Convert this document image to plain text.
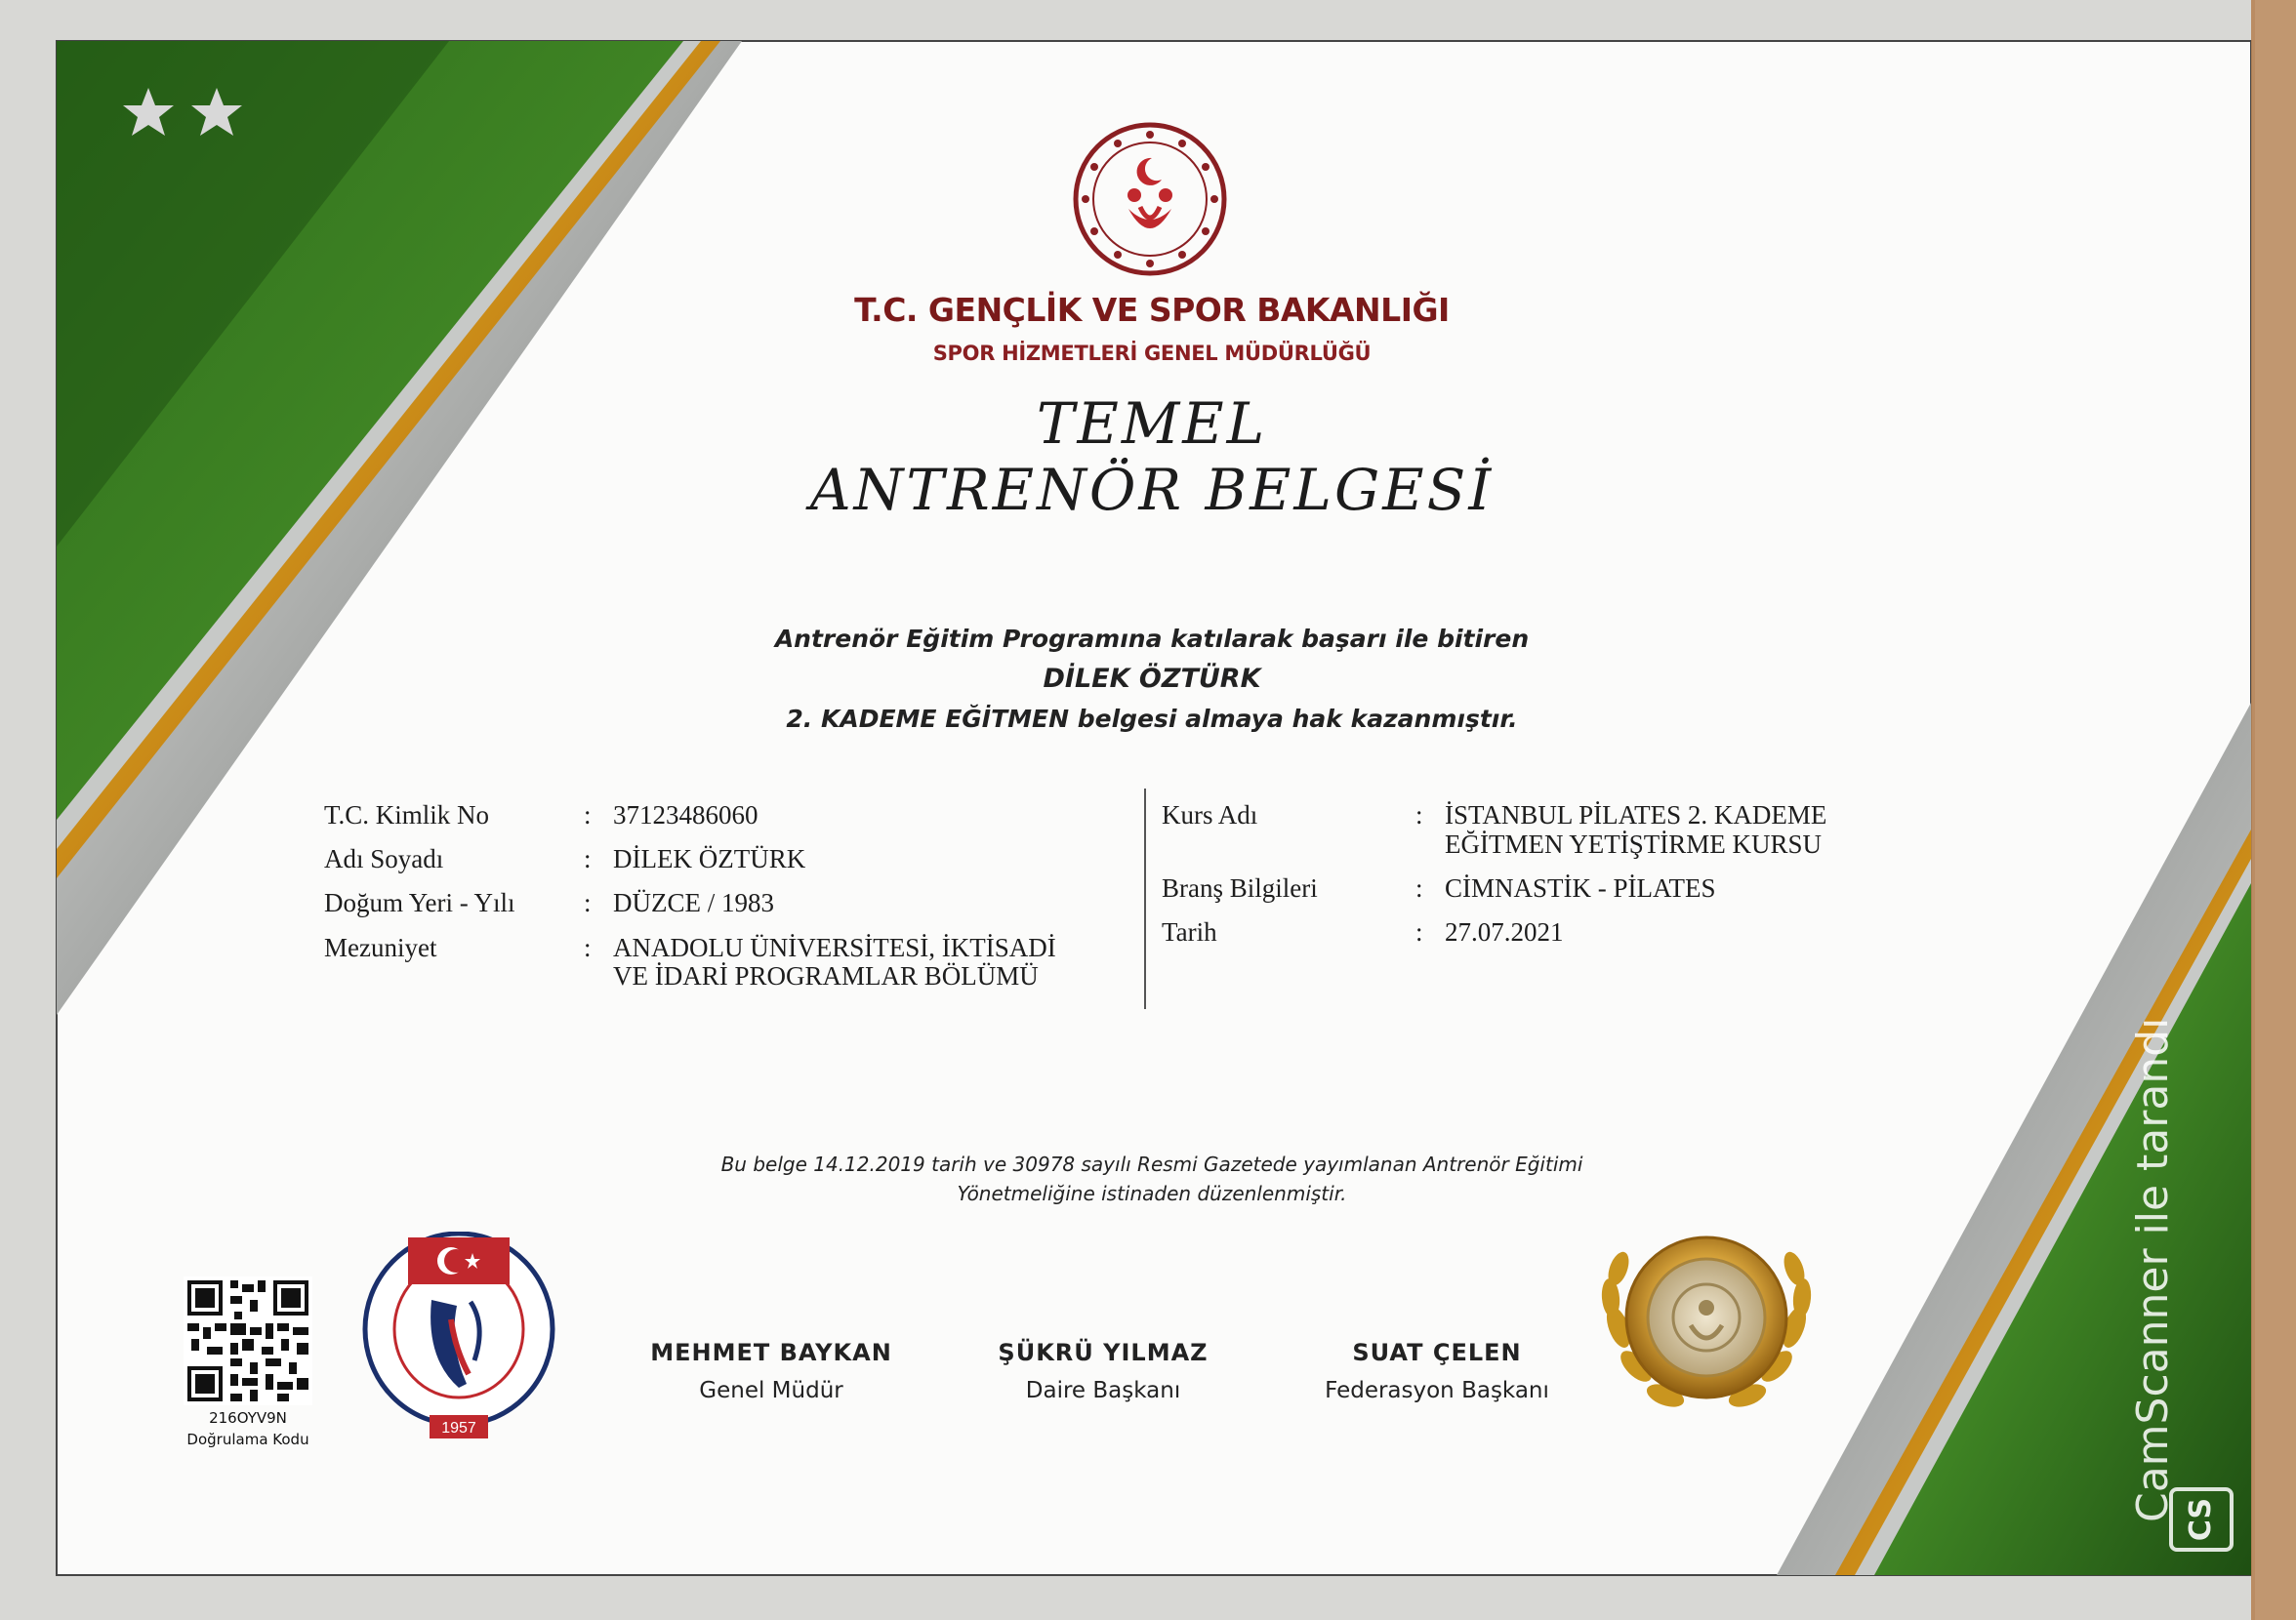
T.C. GENÇLİK VE SPOR BAKANLIĞI
SPOR HİZMETLERİ GENEL MÜDÜRLÜĞÜ
TEMEL
ANTRENÖR BELGESİ
Antrenör Eğitim Programına katılarak başarı ile bitiren
DİLEK ÖZTÜRK
2. KADEME EĞİTMEN belgesi almaya hak kazanmıştır.
T.C. Kimlik No	: 37123486060
Adı Soyadı	: DİLEK ÖZTÜRK
Doğum Yeri - Yılı	: DÜZCE / 1983
Mezuniyet	: ANADOLU ÜNİVERSİTESİ, İKTİSADİ
VE İDARİ PROGRAMLAR BÖLÜMÜ
Kurs Adı	: İSTANBUL PİLATES 2. KADEME
EĞİTMEN YETİŞTİRME KURSU
Branş Bilgileri	: CİMNASTİK - PİLATES
Tarih	: 27.07.2021
Bu belge 14.12.2019 tarih ve 30978 sayılı Resmi Gazetede yayımlanan Antrenör Eğitimi
Yönetmeliğine istinaden düzenlenmiştir.
216OYV9N
Doğrulama Kodu
1957
MEHMET BAYKAN
Genel Müdür
ŞÜKRÜ YILMAZ
Daire Başkanı
SUAT ÇELEN
Federasyon Başkanı	CamScanner ile tarandı CS
